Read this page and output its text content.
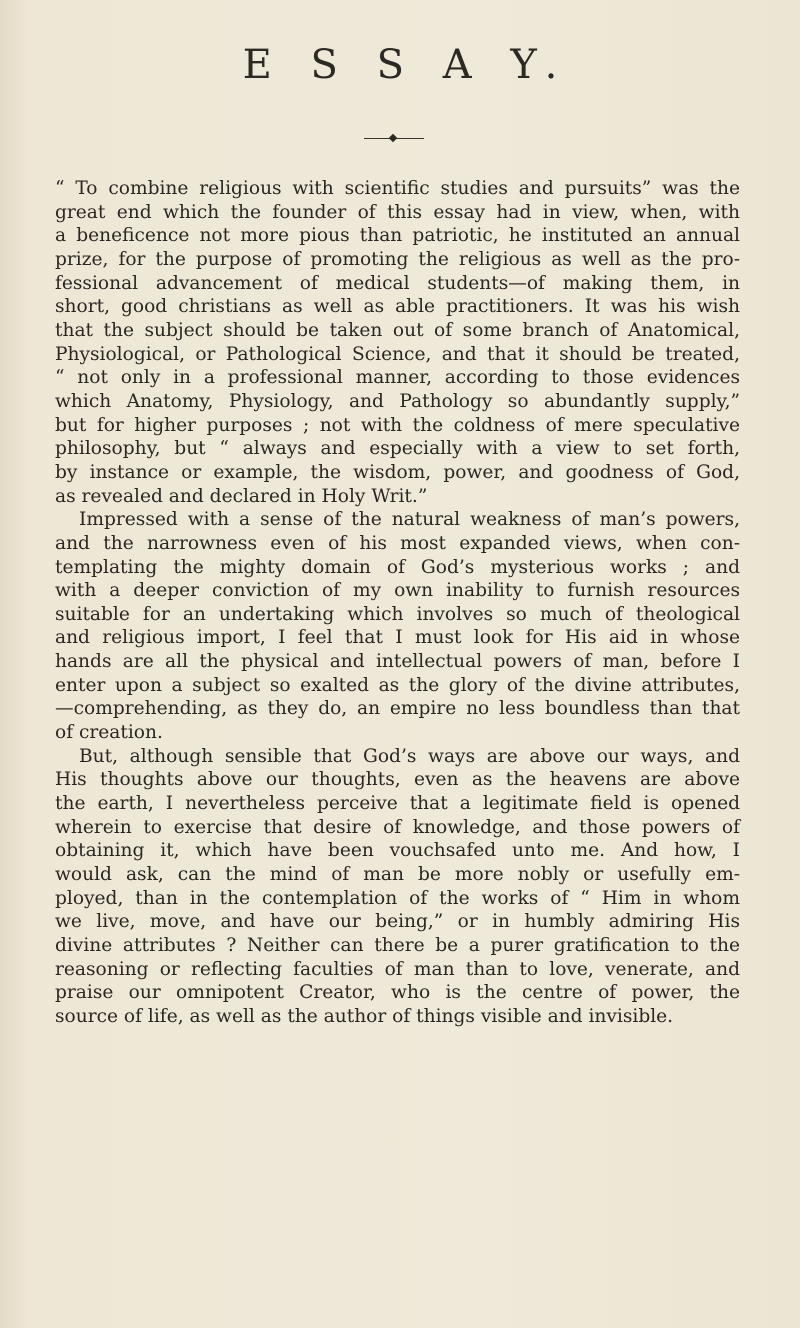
E S S A Y.

“ To combine religious with scientific studies and pursuits” was the

great end which the founder of this essay had in view, when, with

a beneficence not more pious than patriotic, he instituted an annual

prize, for the purpose of promoting the religious as well as the pro-

fessional advancement of medical students—of making them, in

short, good christians as well as able practitioners. It was his wish

that the subject should be taken out of some branch of Anatomical,

Physiological, or Pathological Science, and that it should be treated,

“ not only in a professional manner, according to those evidences

which Anatomy, Physiology, and Pathology so abundantly supply,”

but for higher purposes ; not with the coldness of mere speculative

philosophy, but “ always and especially with a view to set forth,

by instance or example, the wisdom, power, and goodness of God,

as revealed and declared in Holy Writ.”

Impressed with a sense of the natural weakness of man’s powers,

and the narrowness even of his most expanded views, when con-

templating the mighty domain of God’s mysterious works ; and

with a deeper conviction of my own inability to furnish resources

suitable for an undertaking which involves so much of theological

and religious import, I feel that I must look for His aid in whose

hands are all the physical and intellectual powers of man, before I

enter upon a subject so exalted as the glory of the divine attributes,

—comprehending, as they do, an empire no less boundless than that

of creation.

But, although sensible that God’s ways are above our ways, and

His thoughts above our thoughts, even as the heavens are above

the earth, I nevertheless perceive that a legitimate field is opened

wherein to exercise that desire of knowledge, and those powers of

obtaining it, which have been vouchsafed unto me. And how, I

would ask, can the mind of man be more nobly or usefully em-

ployed, than in the contemplation of the works of “ Him in whom

we live, move, and have our being,” or in humbly admiring His

divine attributes ? Neither can there be a purer gratification to the

reasoning or reflecting faculties of man than to love, venerate, and

praise our omnipotent Creator, who is the centre of power, the

source of life, as well as the author of things visible and invisible.
